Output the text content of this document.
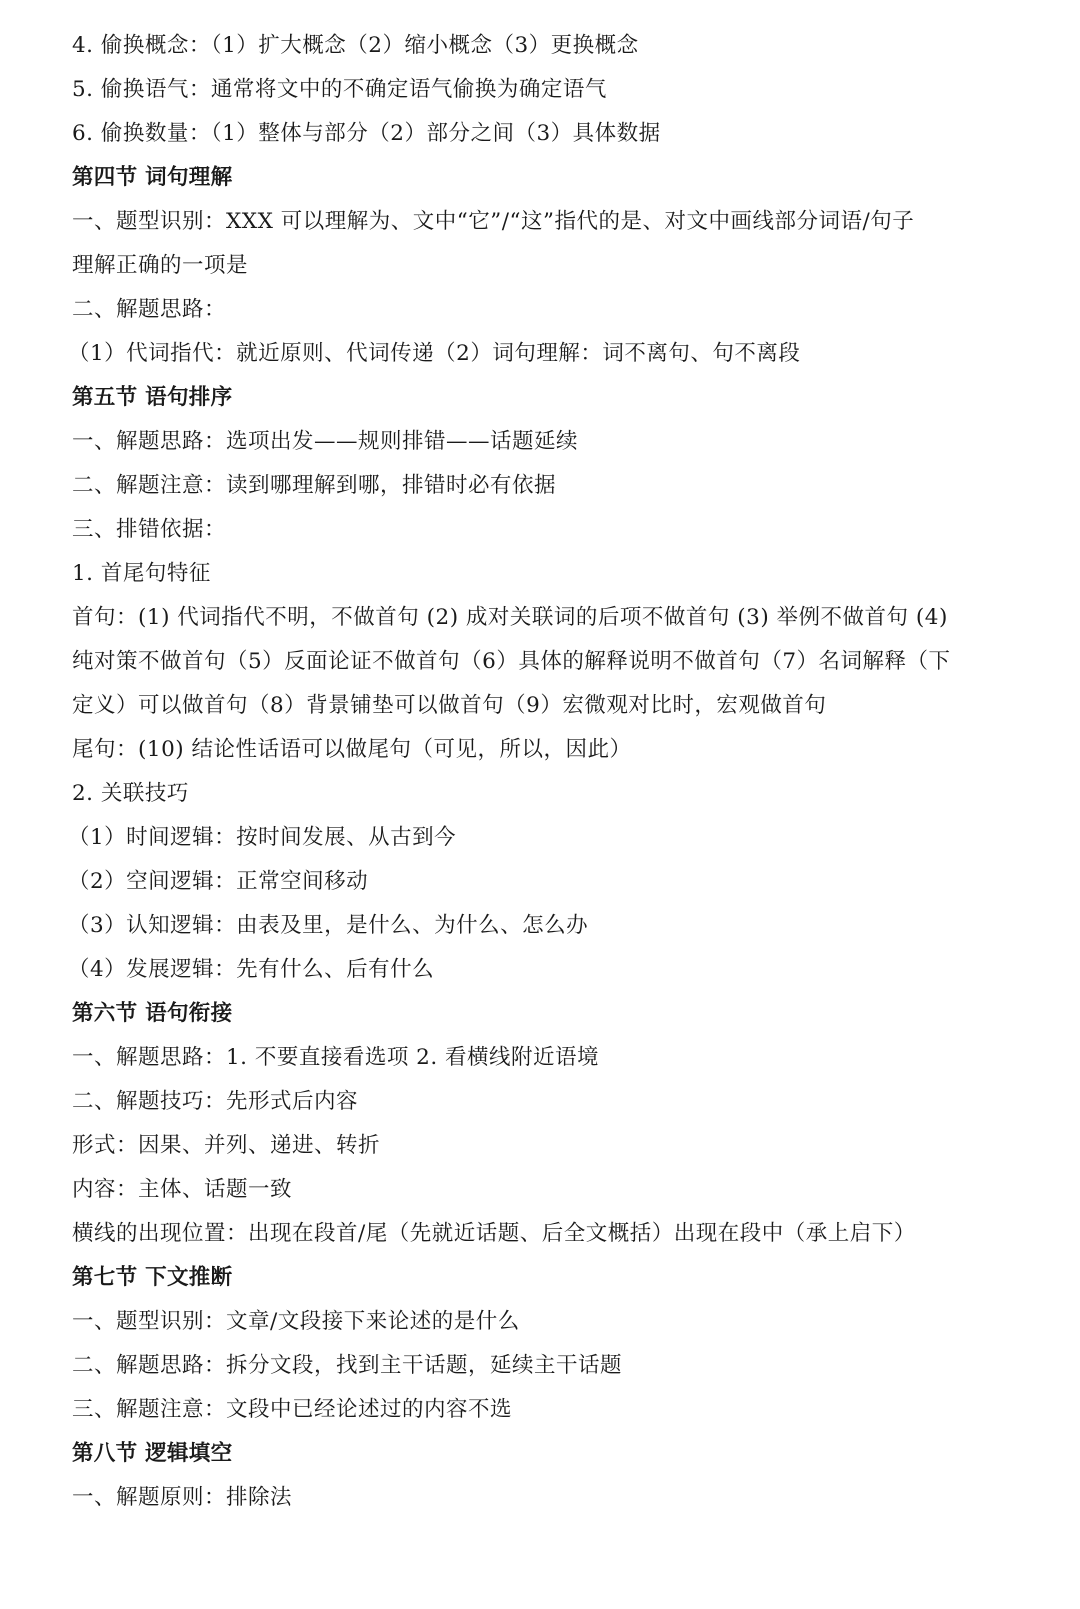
4. 偷换概念：（1）扩大概念（2）缩小概念（3）更换概念
5. 偷换语气：通常将文中的不确定语气偷换为确定语气
6. 偷换数量：（1）整体与部分（2）部分之间（3）具体数据
第四节 词句理解
一、题型识别：XXX 可以理解为、文中“它”/“这”指代的是、对文中画线部分词语/句子
理解正确的一项是
二、解题思路：
（1）代词指代：就近原则、代词传递（2）词句理解：词不离句、句不离段
第五节 语句排序
一、解题思路：选项出发——规则排错——话题延续
二、解题注意：读到哪理解到哪，排错时必有依据
三、排错依据：
1. 首尾句特征
首句：(1) 代词指代不明，不做首句 (2) 成对关联词的后项不做首句 (3) 举例不做首句 (4)
纯对策不做首句（5）反面论证不做首句（6）具体的解释说明不做首句（7）名词解释（下
定义）可以做首句（8）背景铺垫可以做首句（9）宏微观对比时，宏观做首句
尾句：(10) 结论性话语可以做尾句（可见，所以，因此）
2. 关联技巧
（1）时间逻辑：按时间发展、从古到今
（2）空间逻辑：正常空间移动
（3）认知逻辑：由表及里，是什么、为什么、怎么办
（4）发展逻辑：先有什么、后有什么
第六节 语句衔接
一、解题思路：1. 不要直接看选项 2. 看横线附近语境
二、解题技巧：先形式后内容
形式：因果、并列、递进、转折
内容：主体、话题一致
横线的出现位置：出现在段首/尾（先就近话题、后全文概括）出现在段中（承上启下）
第七节 下文推断
一、题型识别：文章/文段接下来论述的是什么
二、解题思路：拆分文段，找到主干话题，延续主干话题
三、解题注意：文段中已经论述过的内容不选
第八节 逻辑填空
一、解题原则：排除法
